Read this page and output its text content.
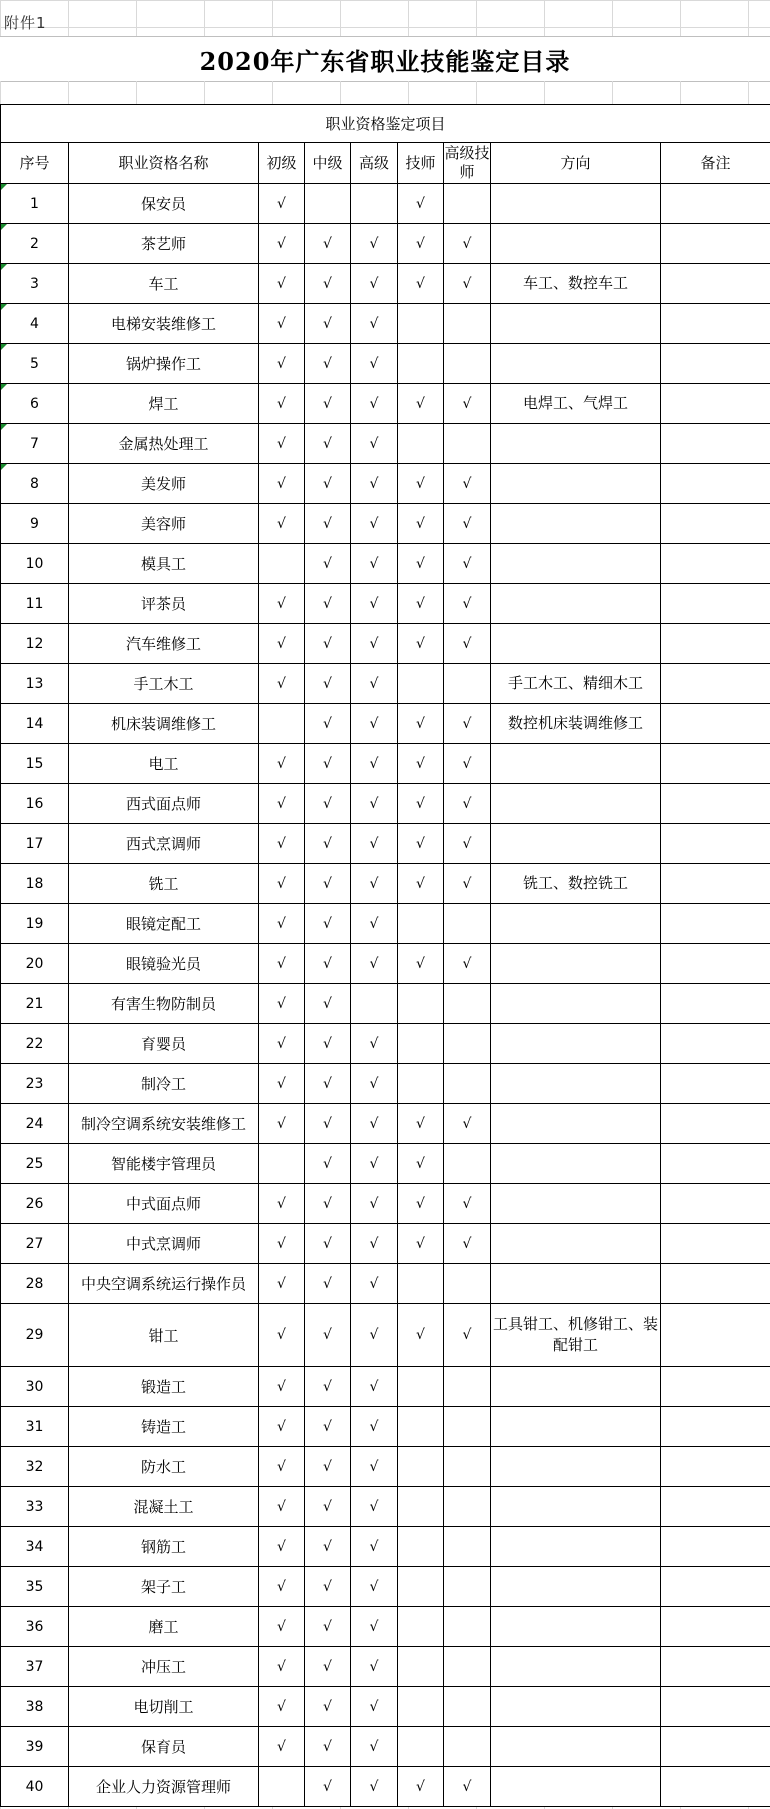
附件1
2020年广东省职业技能鉴定目录
职业资格鉴定项目								
序号	职业资格名称	初级	中级	高级	技师	高级技师	方向	备注
1	保安员	√			√			
2	茶艺师	√	√	√	√	√		
3	车工	√	√	√	√	√	车工、数控车工	
4	电梯安装维修工	√	√	√				
5	锅炉操作工	√	√	√				
6	焊工	√	√	√	√	√	电焊工、气焊工	
7	金属热处理工	√	√	√				
8	美发师	√	√	√	√	√		
9	美容师	√	√	√	√	√		
10	模具工		√	√	√	√		
11	评茶员	√	√	√	√	√		
12	汽车维修工	√	√	√	√	√		
13	手工木工	√	√	√			手工木工、精细木工	
14	机床装调维修工		√	√	√	√	数控机床装调维修工	
15	电工	√	√	√	√	√		
16	西式面点师	√	√	√	√	√		
17	西式烹调师	√	√	√	√	√		
18	铣工	√	√	√	√	√	铣工、数控铣工	
19	眼镜定配工	√	√	√				
20	眼镜验光员	√	√	√	√	√		
21	有害生物防制员	√	√					
22	育婴员	√	√	√				
23	制冷工	√	√	√				
24	制冷空调系统安装维修工	√	√	√	√	√		
25	智能楼宇管理员		√	√	√			
26	中式面点师	√	√	√	√	√		
27	中式烹调师	√	√	√	√	√		
28	中央空调系统运行操作员	√	√	√				
29	钳工	√	√	√	√	√	工具钳工、机修钳工、装配钳工	
30	锻造工	√	√	√				
31	铸造工	√	√	√				
32	防水工	√	√	√				
33	混凝土工	√	√	√				
34	钢筋工	√	√	√				
35	架子工	√	√	√				
36	磨工	√	√	√				
37	冲压工	√	√	√				
38	电切削工	√	√	√				
39	保育员	√	√	√				
40	企业人力资源管理师		√	√	√	√		
